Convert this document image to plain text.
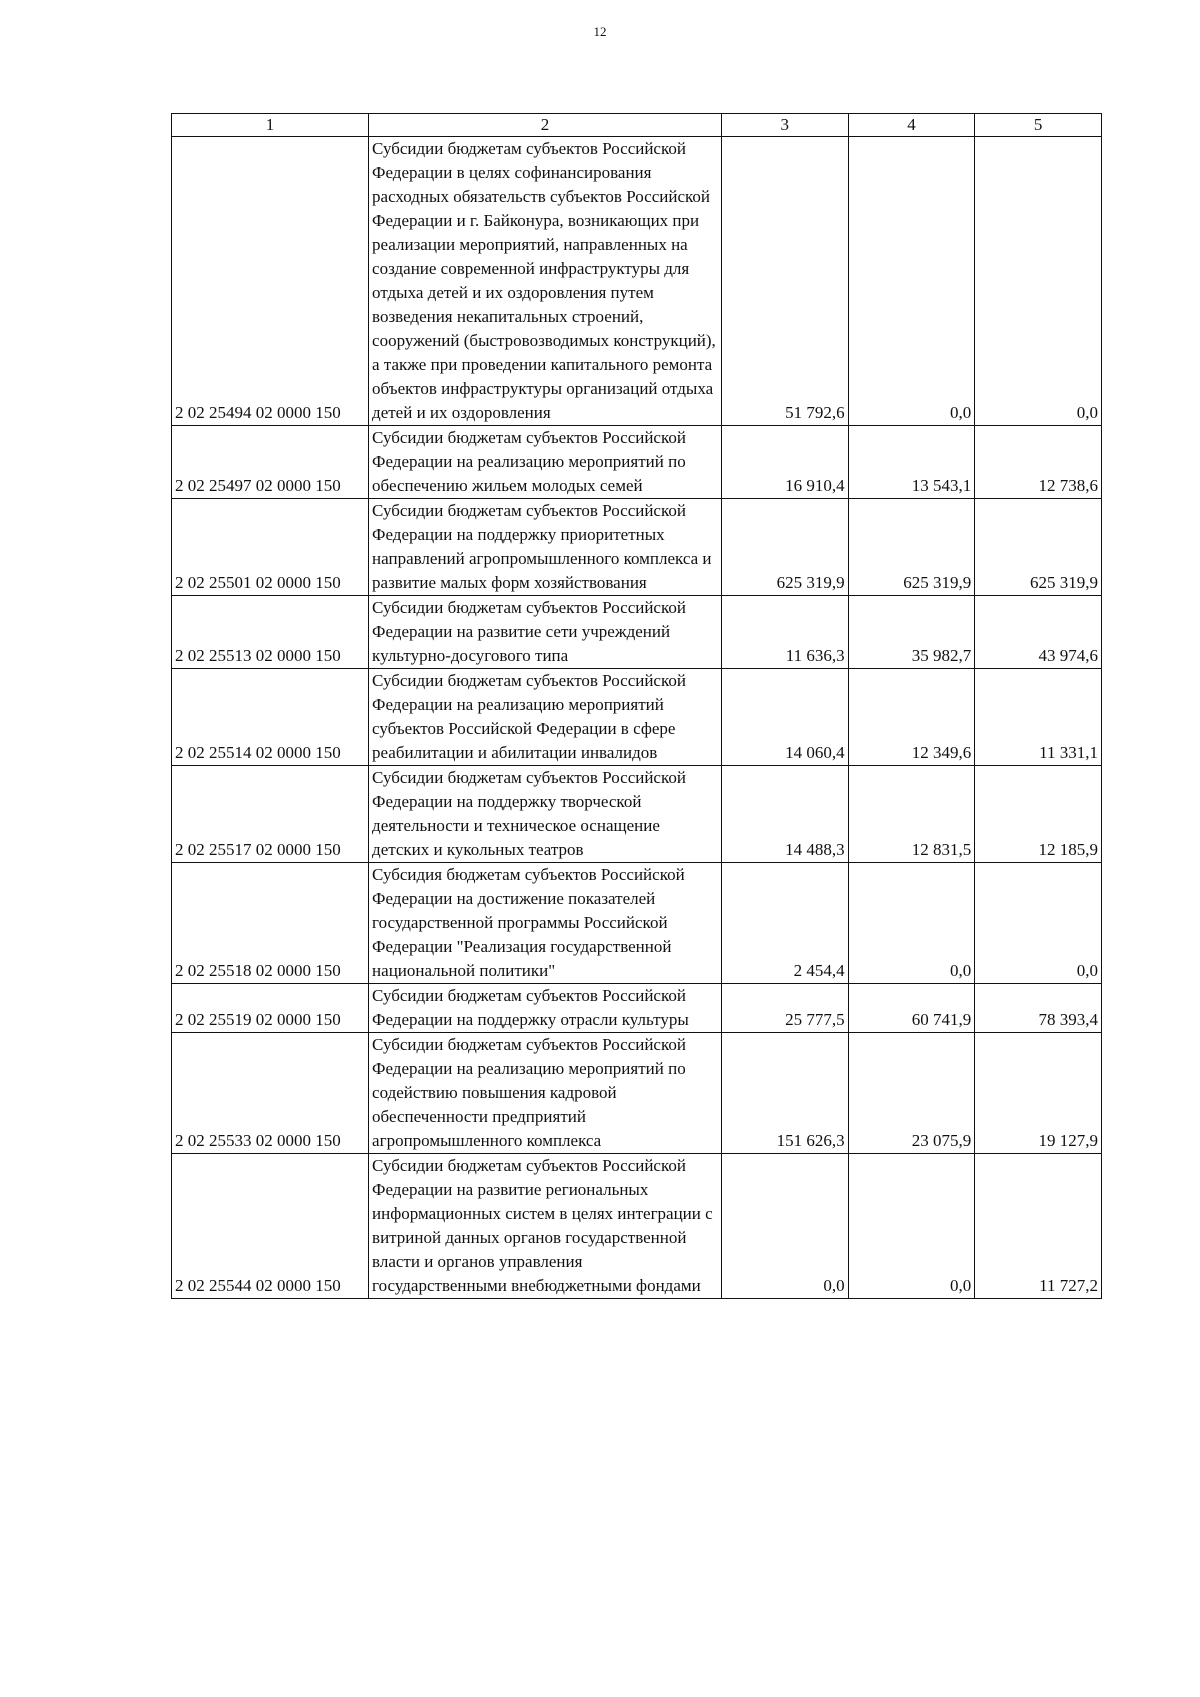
12
1	2	3	4	5
2 02 25494 02 0000 150	Субсидии бюджетам субъектов Российской Федерации в целях софинансирования расходных обязательств субъектов Российской Федерации и г. Байконура, возникающих при реализации мероприятий, направленных на создание современной инфраструктуры для отдыха детей и их оздоровления путем возведения некапитальных строений, сооружений (быстровозводимых конструкций), а также при проведении капитального ремонта объектов инфраструктуры организаций отдыха детей и их оздоровления	51 792,6	0,0	0,0
2 02 25497 02 0000 150	Субсидии бюджетам субъектов Российской Федерации на реализацию мероприятий по обеспечению жильем молодых семей	16 910,4	13 543,1	12 738,6
2 02 25501 02 0000 150	Субсидии бюджетам субъектов Российской Федерации на поддержку приоритетных направлений агропромышленного комплекса и развитие малых форм хозяйствования	625 319,9	625 319,9	625 319,9
2 02 25513 02 0000 150	Субсидии бюджетам субъектов Российской Федерации на развитие сети учреждений культурно-досугового типа	11 636,3	35 982,7	43 974,6
2 02 25514 02 0000 150	Субсидии бюджетам субъектов Российской Федерации на реализацию мероприятий субъектов Российской Федерации в сфере реабилитации и абилитации инвалидов	14 060,4	12 349,6	11 331,1
2 02 25517 02 0000 150	Субсидии бюджетам субъектов Российской Федерации на поддержку творческой деятельности и техническое оснащение детских и кукольных театров	14 488,3	12 831,5	12 185,9
2 02 25518 02 0000 150	Субсидия бюджетам субъектов Российской Федерации на достижение показателей государственной программы Российской Федерации "Реализация государственной национальной политики"	2 454,4	0,0	0,0
2 02 25519 02 0000 150	Субсидии бюджетам субъектов Российской Федерации на поддержку отрасли культуры	25 777,5	60 741,9	78 393,4
2 02 25533 02 0000 150	Субсидии бюджетам субъектов Российской Федерации на реализацию мероприятий по содействию повышения кадровой обеспеченности предприятий агропромышленного комплекса	151 626,3	23 075,9	19 127,9
2 02 25544 02 0000 150	Субсидии бюджетам субъектов Российской Федерации на развитие региональных информационных систем в целях интеграции с витриной данных органов государственной власти и органов управления государственными внебюджетными фондами	0,0	0,0	11 727,2
